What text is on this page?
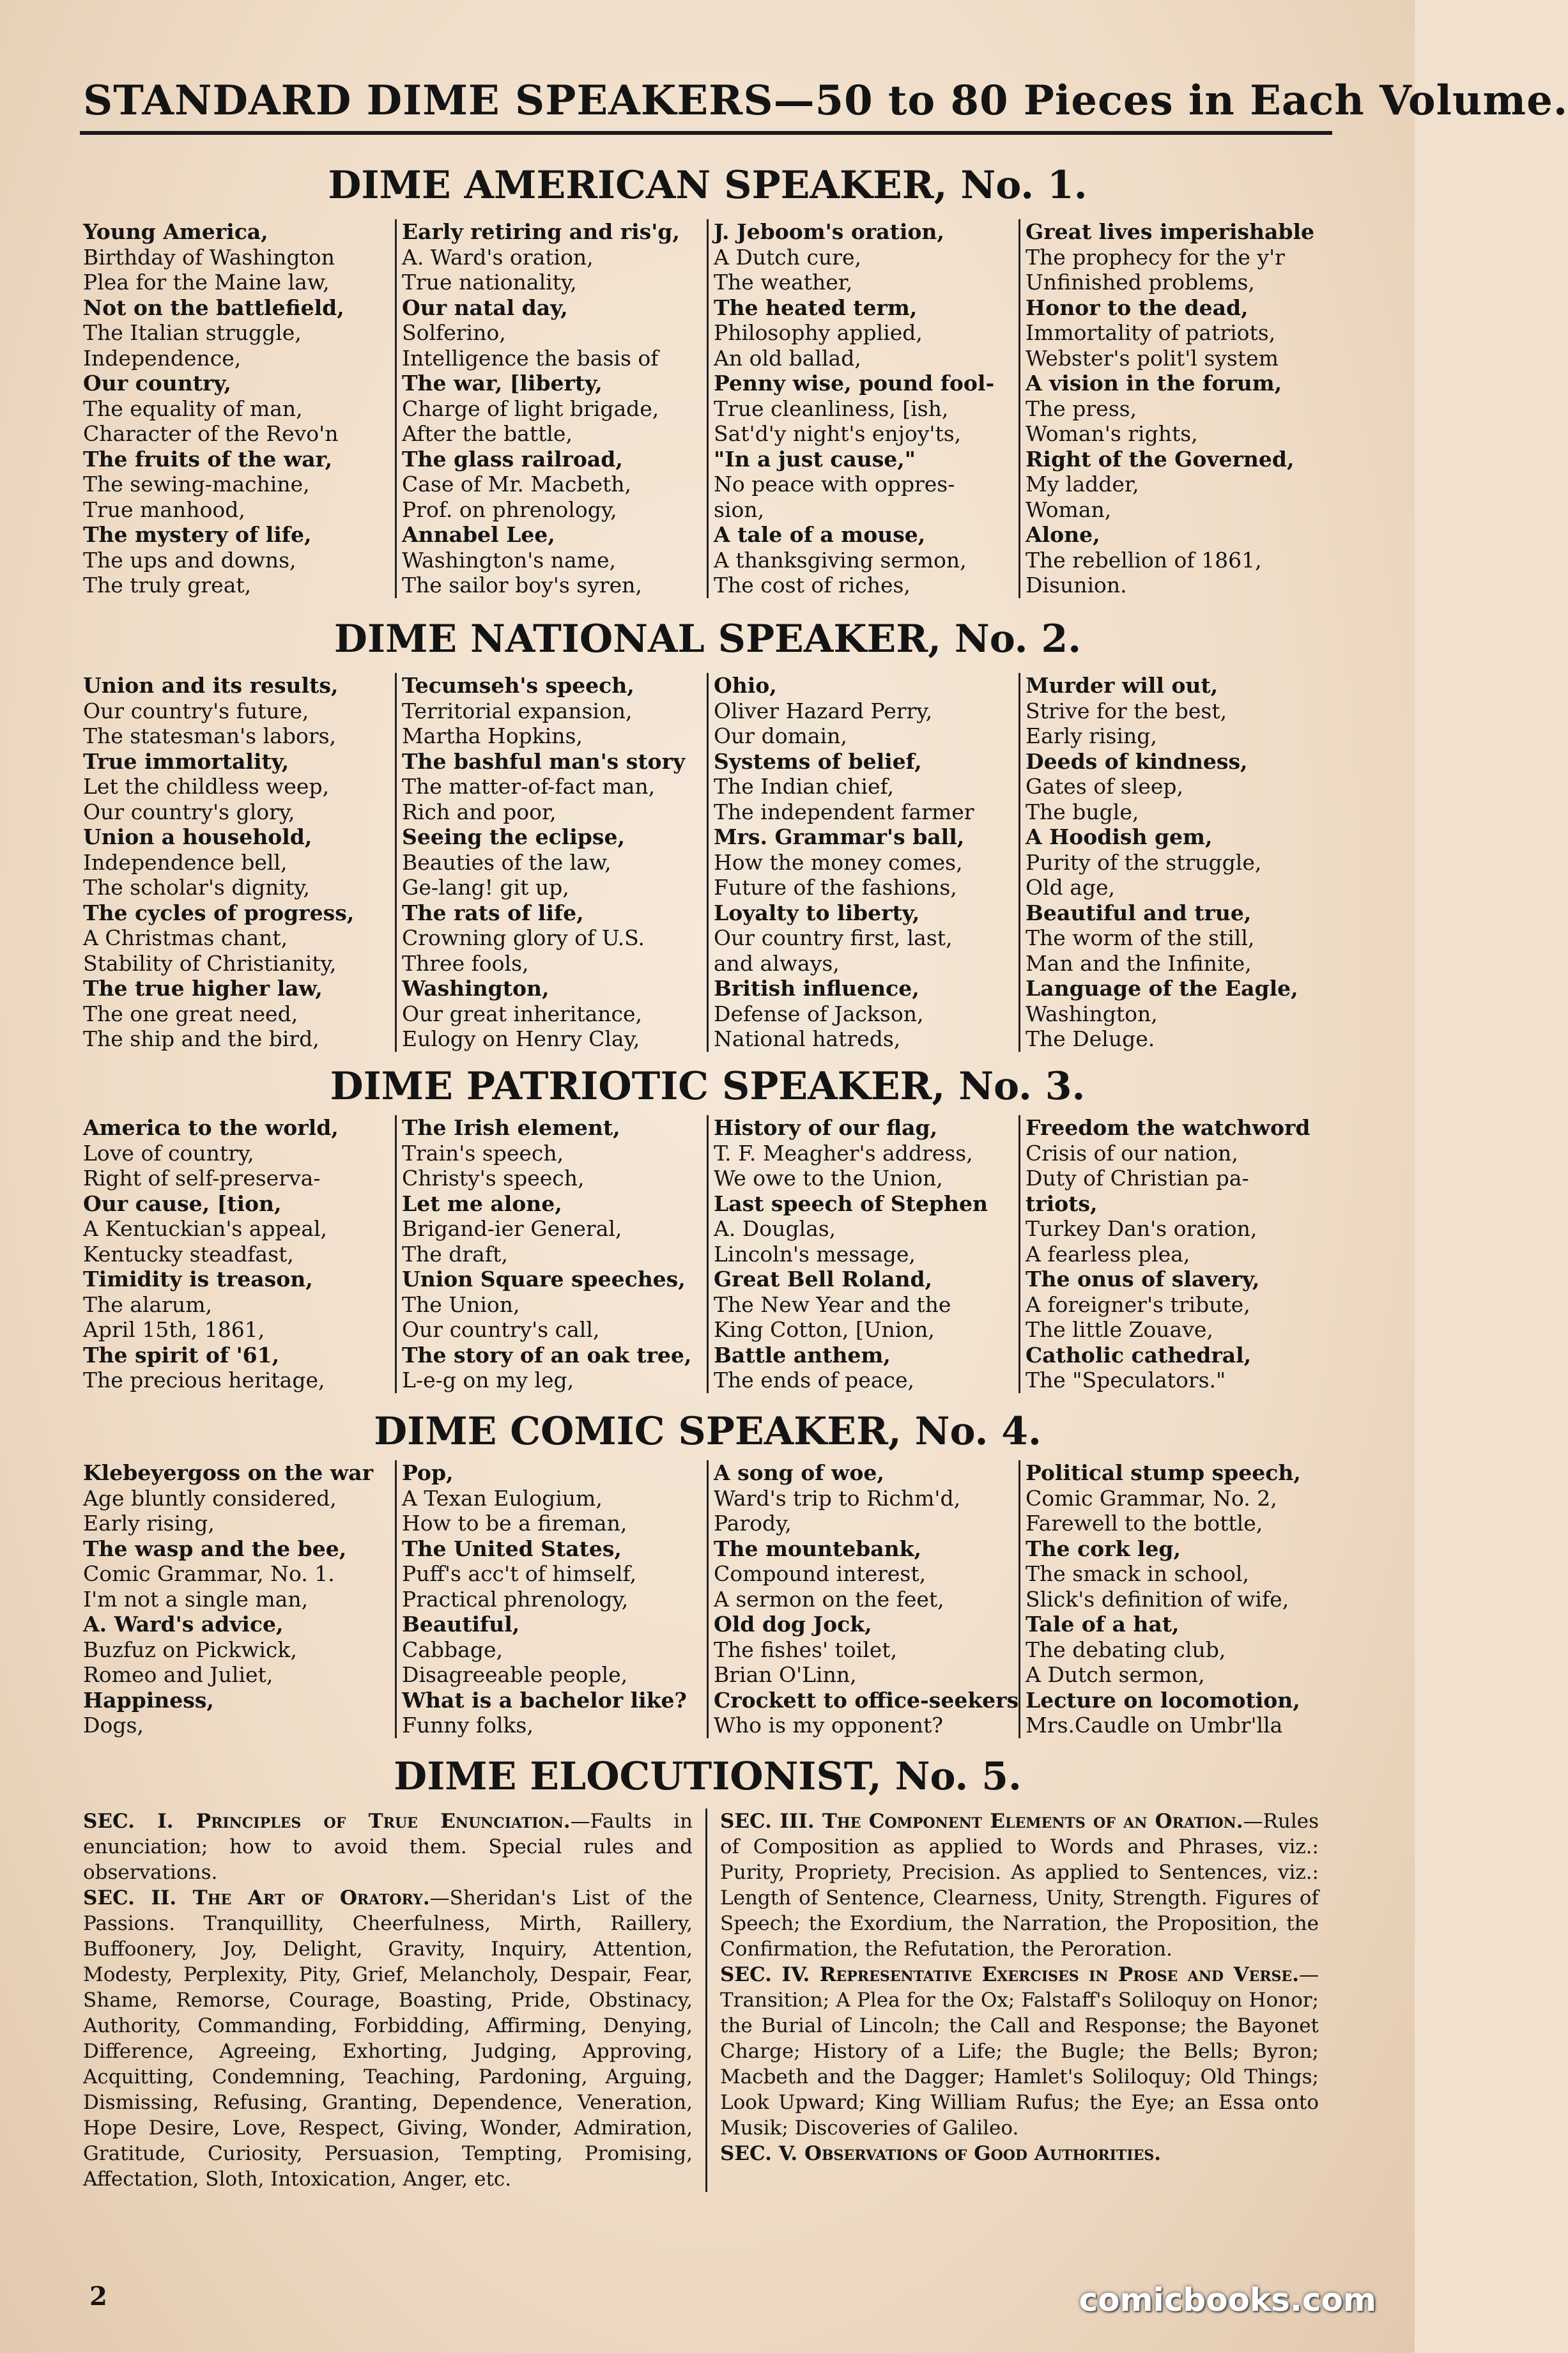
STANDARD DIME SPEAKERS—50 to 80 Pieces in Each Volume.
DIME AMERICAN SPEAKER, No. 1.
Young America,
Birthday of Washington
Plea for the Maine law,
Not on the battlefield,
The Italian struggle,
Independence,
Our country,
The equality of man,
Character of the Revo'n
The fruits of the war,
The sewing-machine,
True manhood,
The mystery of life,
The ups and downs,
The truly great,
Early retiring and ris'g,
A. Ward's oration,
True nationality,
Our natal day,
Solferino,
Intelligence the basis of
The war, [liberty,
Charge of light brigade,
After the battle,
The glass railroad,
Case of Mr. Macbeth,
Prof. on phrenology,
Annabel Lee,
Washington's name,
The sailor boy's syren,
J. Jeboom's oration,
A Dutch cure,
The weather,
The heated term,
Philosophy applied,
An old ballad,
Penny wise, pound fool-
True cleanliness, [ish,
Sat'd'y night's enjoy'ts,
"In a just cause,"
No peace with oppres-
sion,
A tale of a mouse,
A thanksgiving sermon,
The cost of riches,
Great lives imperishable
The prophecy for the y'r
Unfinished problems,
Honor to the dead,
Immortality of patriots,
Webster's polit'l system
A vision in the forum,
The press,
Woman's rights,
Right of the Governed,
My ladder,
Woman,
Alone,
The rebellion of 1861,
Disunion.
DIME NATIONAL SPEAKER, No. 2.
Union and its results,
Our country's future,
The statesman's labors,
True immortality,
Let the childless weep,
Our country's glory,
Union a household,
Independence bell,
The scholar's dignity,
The cycles of progress,
A Christmas chant,
Stability of Christianity,
The true higher law,
The one great need,
The ship and the bird,
Tecumseh's speech,
Territorial expansion,
Martha Hopkins,
The bashful man's story
The matter-of-fact man,
Rich and poor,
Seeing the eclipse,
Beauties of the law,
Ge-lang! git up,
The rats of life,
Crowning glory of U.S.
Three fools,
Washington,
Our great inheritance,
Eulogy on Henry Clay,
Ohio,
Oliver Hazard Perry,
Our domain,
Systems of belief,
The Indian chief,
The independent farmer
Mrs. Grammar's ball,
How the money comes,
Future of the fashions,
Loyalty to liberty,
Our country first, last,
and always,
British influence,
Defense of Jackson,
National hatreds,
Murder will out,
Strive for the best,
Early rising,
Deeds of kindness,
Gates of sleep,
The bugle,
A Hoodish gem,
Purity of the struggle,
Old age,
Beautiful and true,
The worm of the still,
Man and the Infinite,
Language of the Eagle,
Washington,
The Deluge.
DIME PATRIOTIC SPEAKER, No. 3.
America to the world,
Love of country,
Right of self-preserva-
Our cause, [tion,
A Kentuckian's appeal,
Kentucky steadfast,
Timidity is treason,
The alarum,
April 15th, 1861,
The spirit of '61,
The precious heritage,
The Irish element,
Train's speech,
Christy's speech,
Let me alone,
Brigand-ier General,
The draft,
Union Square speeches,
The Union,
Our country's call,
The story of an oak tree,
L-e-g on my leg,
History of our flag,
T. F. Meagher's address,
We owe to the Union,
Last speech of Stephen
A. Douglas,
Lincoln's message,
Great Bell Roland,
The New Year and the
King Cotton, [Union,
Battle anthem,
The ends of peace,
Freedom the watchword
Crisis of our nation,
Duty of Christian pa-
triots,
Turkey Dan's oration,
A fearless plea,
The onus of slavery,
A foreigner's tribute,
The little Zouave,
Catholic cathedral,
The "Speculators."
DIME COMIC SPEAKER, No. 4.
Klebeyergoss on the war
Age bluntly considered,
Early rising,
The wasp and the bee,
Comic Grammar, No. 1.
I'm not a single man,
A. Ward's advice,
Buzfuz on Pickwick,
Romeo and Juliet,
Happiness,
Dogs,
Pop,
A Texan Eulogium,
How to be a fireman,
The United States,
Puff's acc't of himself,
Practical phrenology,
Beautiful,
Cabbage,
Disagreeable people,
What is a bachelor like?
Funny folks,
A song of woe,
Ward's trip to Richm'd,
Parody,
The mountebank,
Compound interest,
A sermon on the feet,
Old dog Jock,
The fishes' toilet,
Brian O'Linn,
Crockett to office-seekers
Who is my opponent?
Political stump speech,
Comic Grammar, No. 2,
Farewell to the bottle,
The cork leg,
The smack in school,
Slick's definition of wife,
Tale of a hat,
The debating club,
A Dutch sermon,
Lecture on locomotion,
Mrs.Caudle on Umbr'lla
DIME ELOCUTIONIST, No. 5.

SEC. I. Principles of True Enunciation.—Faults in enunciation; how to avoid them. Special rules and observations.

SEC. II. The Art of Oratory.—Sheridan's List of the Passions. Tranquillity, Cheerfulness, Mirth, Raillery, Buffoonery, Joy, Delight, Gravity, Inquiry, Attention, Modesty, Perplexity, Pity, Grief, Melancholy, Despair, Fear, Shame, Remorse, Courage, Boasting, Pride, Obstinacy, Authority, Commanding, Forbidding, Affirming, Denying, Difference, Agreeing, Exhorting, Judging, Approving, Acquitting, Condemning, Teaching, Pardoning, Arguing, Dismissing, Refusing, Granting, Dependence, Veneration, Hope Desire, Love, Respect, Giving, Wonder, Admiration, Gratitude, Curiosity, Persuasion, Tempting, Promising, Affectation, Sloth, Intoxication, Anger, etc.

SEC. III. The Component Elements of an Oration.—Rules of Composition as applied to Words and Phrases, viz.: Purity, Propriety, Precision. As applied to Sentences, viz.: Length of Sentence, Clearness, Unity, Strength. Figures of Speech; the Exordium, the Narration, the Proposition, the Confirmation, the Refutation, the Peroration.

SEC. IV. Representative Exercises in Prose and Verse.—Transition; A Plea for the Ox; Falstaff's Soliloquy on Honor; the Burial of Lincoln; the Call and Response; the Bayonet Charge; History of a Life; the Bugle; the Bells; Byron; Macbeth and the Dagger; Hamlet's Soliloquy; Old Things; Look Upward; King William Rufus; the Eye; an Essa onto Musik; Discoveries of Galileo.

SEC. V. Observations of Good Authorities.

2	comicbooks.com
